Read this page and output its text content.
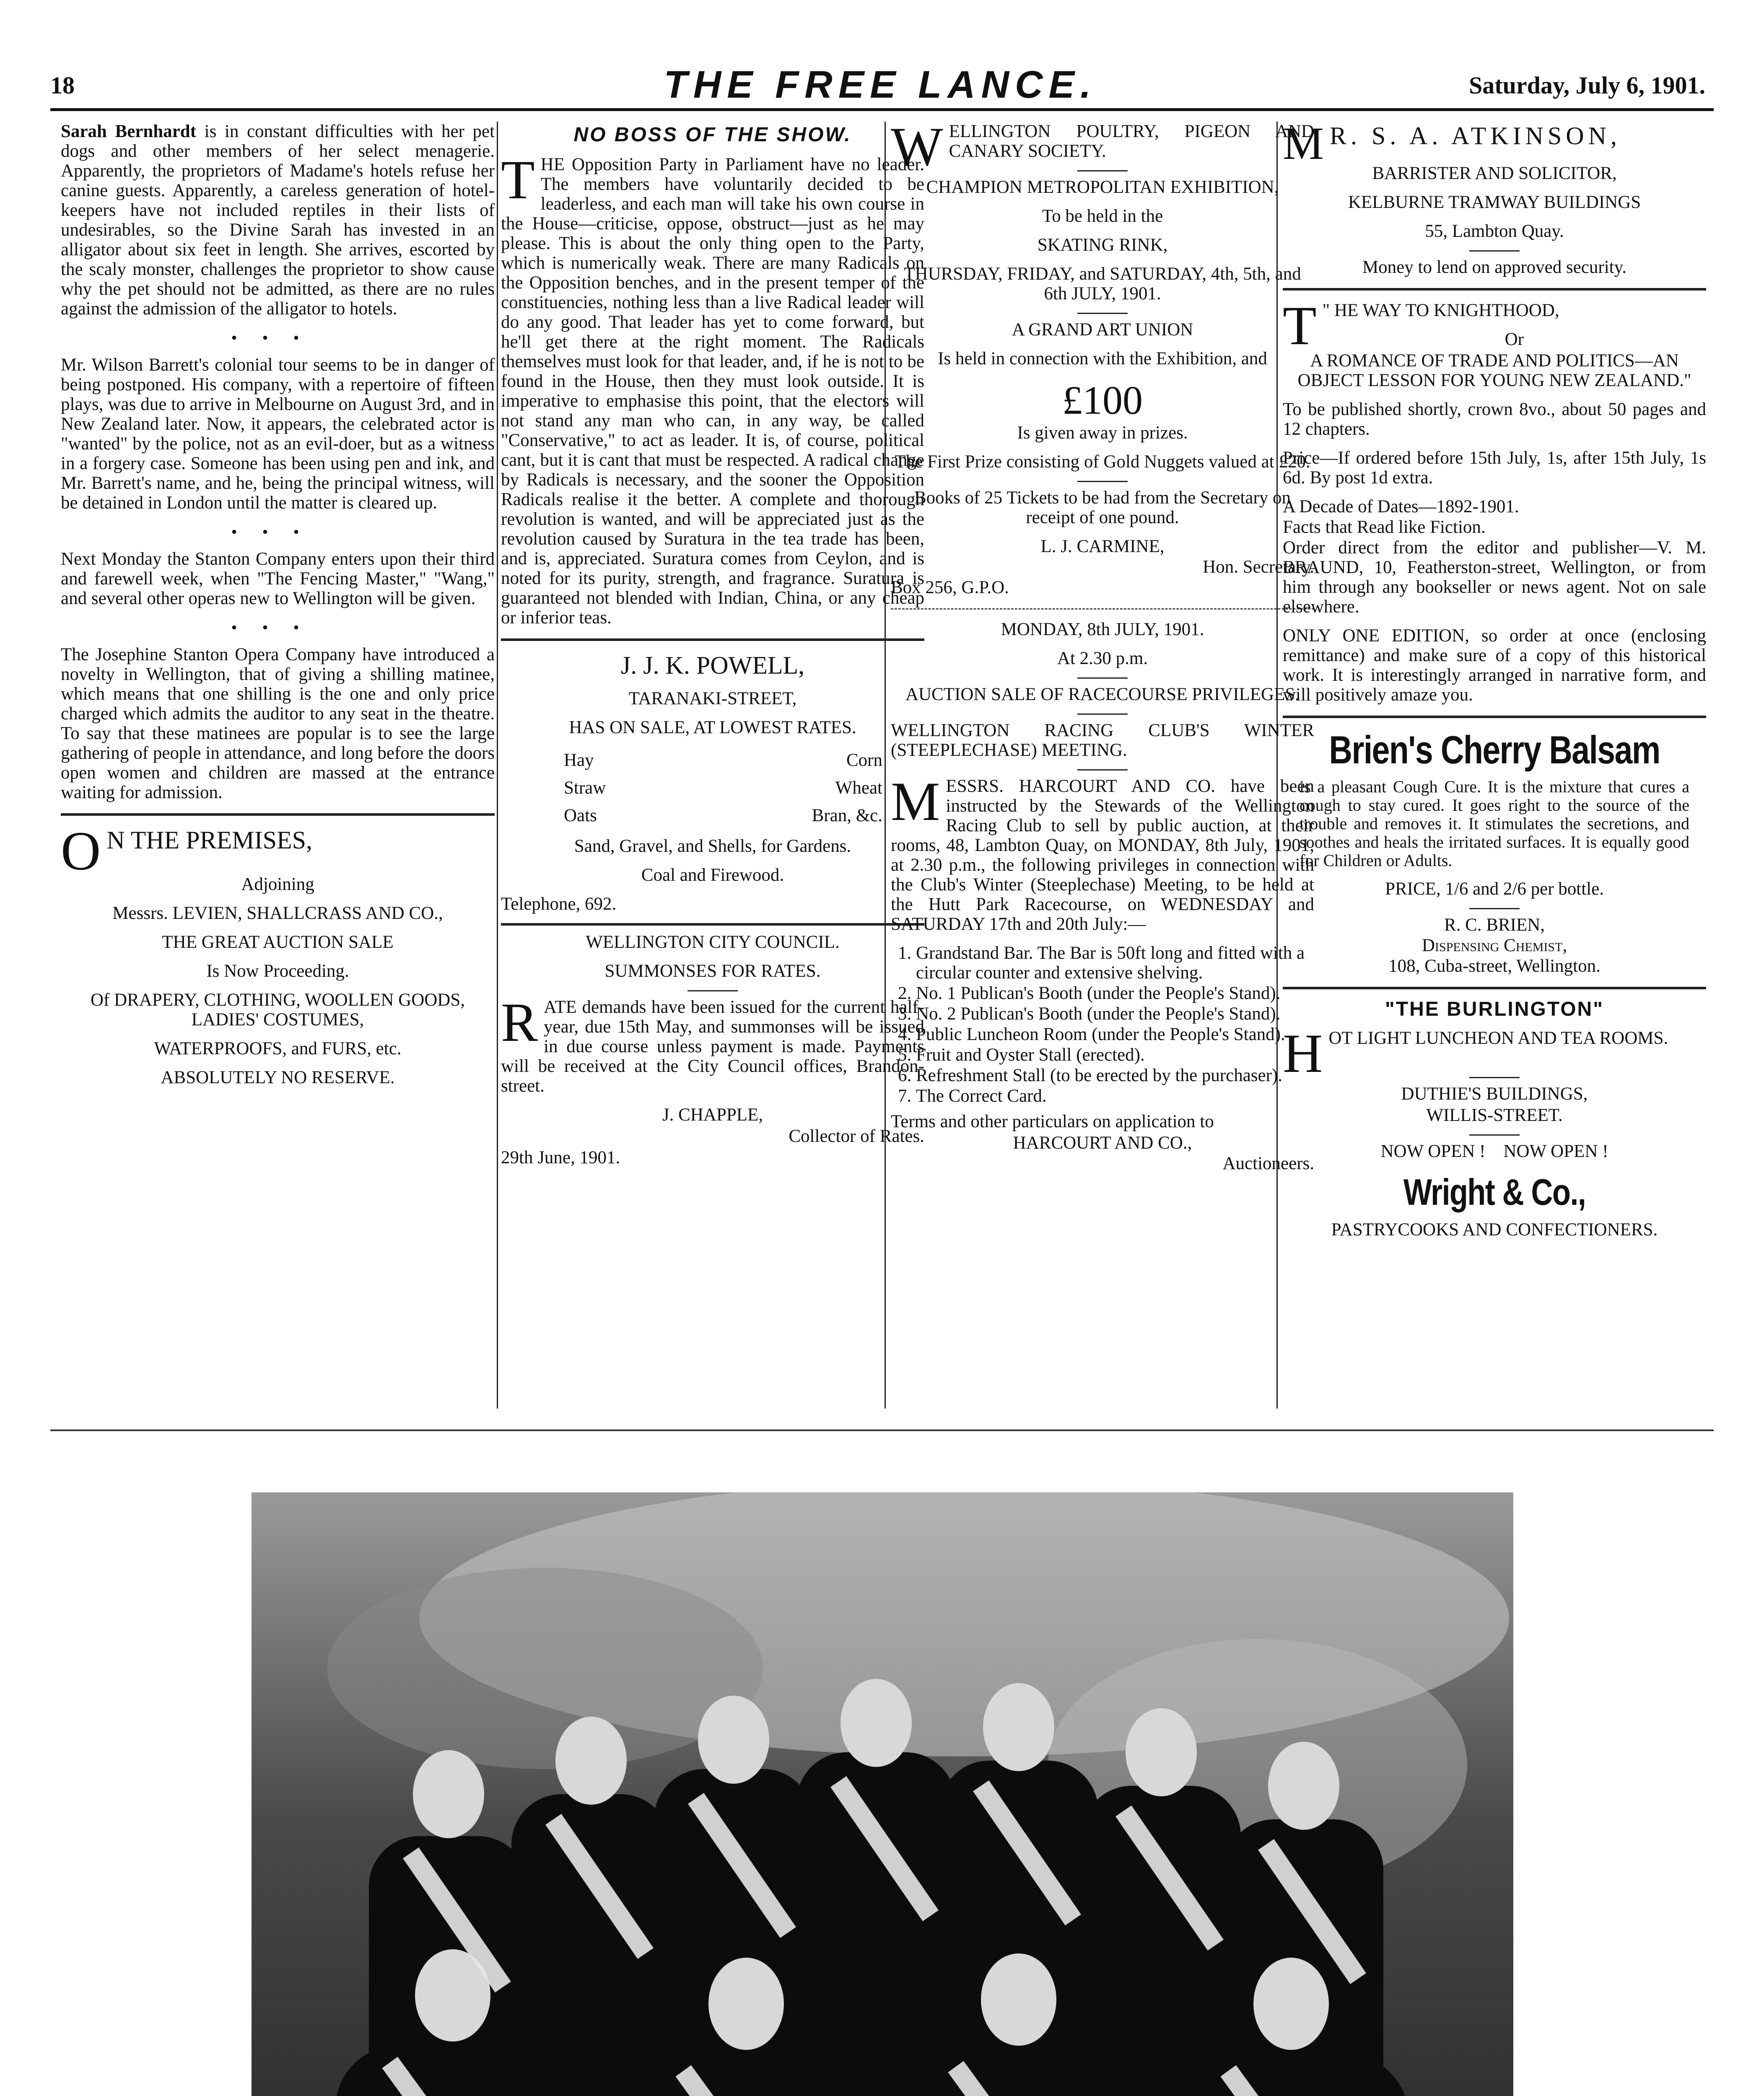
18	THE FREE LANCE.	Saturday, July 6, 1901.

Sarah Bernhardt is in constant difficulties with her pet dogs and other members of her select menagerie. Apparently, the proprietors of Madame's hotels refuse her canine guests. Apparently, a careless generation of hotel-keepers have not included reptiles in their lists of undesirables, so the Divine Sarah has invested in an alligator about six feet in length. She arrives, escorted by the scaly monster, challenges the proprietor to show cause why the pet should not be admitted, as there are no rules against the admission of the alligator to hotels.

•••

Mr. Wilson Barrett's colonial tour seems to be in danger of being postponed. His company, with a repertoire of fifteen plays, was due to arrive in Melbourne on August 3rd, and in New Zealand later. Now, it appears, the celebrated actor is "wanted" by the police, not as an evil-doer, but as a witness in a forgery case. Someone has been using pen and ink, and Mr. Barrett's name, and he, being the principal witness, will be detained in London until the matter is cleared up.

•••

Next Monday the Stanton Company enters upon their third and farewell week, when "The Fencing Master," "Wang," and several other operas new to Wellington will be given.

•••

The Josephine Stanton Opera Company have introduced a novelty in Wellington, that of giving a shilling matinee, which means that one shilling is the one and only price charged which admits the auditor to any seat in the theatre. To say that these matinees are popular is to see the large gathering of people in attendance, and long before the doors open women and children are massed at the entrance waiting for admission.

O N THE PREMISES,

Adjoining

Messrs. LEVIEN, SHALLCRASS AND CO.,

THE GREAT AUCTION SALE

Is Now Proceeding.

Of DRAPERY, CLOTHING, WOOLLEN GOODS, LADIES' COSTUMES,

WATERPROOFS, and FURS, etc.

ABSOLUTELY NO RESERVE.

NO BOSS OF THE SHOW.

THE Opposition Party in Parliament have no leader. The members have voluntarily decided to be leaderless, and each man will take his own course in the House—criticise, oppose, obstruct—just as he may please. This is about the only thing open to the Party, which is numerically weak. There are many Radicals on the Opposition benches, and in the present temper of the constituencies, nothing less than a live Radical leader will do any good. That leader has yet to come forward, but he'll get there at the right moment. The Radicals themselves must look for that leader, and, if he is not to be found in the House, then they must look outside. It is imperative to emphasise this point, that the electors will not stand any man who can, in any way, be called "Conservative," to act as leader. It is, of course, political cant, but it is cant that must be respected. A radical change by Radicals is necessary, and the sooner the Opposition Radicals realise it the better. A complete and thorough revolution is wanted, and will be appreciated just as the revolution caused by Suratura in the tea trade has been, and is, appreciated. Suratura comes from Ceylon, and is noted for its purity, strength, and fragrance. Suratura is guaranteed not blended with Indian, China, or any cheap or inferior teas.

J. J. K. POWELL,

TARANAKI-STREET,

HAS ON SALE, AT LOWEST RATES.

Hay	Corn
Straw	Wheat
Oats	Bran, &c.

Sand, Gravel, and Shells, for Gardens.

Coal and Firewood.

Telephone, 692.

WELLINGTON CITY COUNCIL.

SUMMONSES FOR RATES.

RATE demands have been issued for the current half-year, due 15th May, and summonses will be issued in due course unless payment is made. Payments will be received at the City Council offices, Brandon-street.

J. CHAPPLE,

Collector of Rates.

29th June, 1901.

WELLINGTON POULTRY, PIGEON AND CANARY SOCIETY.

CHAMPION METROPOLITAN EXHIBITION,

To be held in the

SKATING RINK,

THURSDAY, FRIDAY, and SATURDAY, 4th, 5th, and 6th JULY, 1901.

A GRAND ART UNION

Is held in connection with the Exhibition, and

£100

Is given away in prizes.

The First Prize consisting of Gold Nuggets valued at £20.

Books of 25 Tickets to be had from the Secretary on receipt of one pound.

L. J. CARMINE,

Hon. Secretary.

Box 256, G.P.O.

MONDAY, 8th JULY, 1901.

At 2.30 p.m.

AUCTION SALE OF RACECOURSE PRIVILEGES.

WELLINGTON RACING CLUB'S WINTER (STEEPLECHASE) MEETING.

MESSRS. HARCOURT AND CO. have been instructed by the Stewards of the Wellington Racing Club to sell by public auction, at their rooms, 48, Lambton Quay, on MONDAY, 8th July, 1901, at 2.30 p.m., the following privileges in connection with the Club's Winter (Steeplechase) Meeting, to be held at the Hutt Park Racecourse, on WEDNESDAY and SATURDAY 17th and 20th July:—

1. Grandstand Bar. The Bar is 50ft long and fitted with a circular counter and extensive shelving.
2. No. 1 Publican's Booth (under the People's Stand).
3. No. 2 Publican's Booth (under the People's Stand).
4. Public Luncheon Room (under the People's Stand).
5. Fruit and Oyster Stall (erected).
6. Refreshment Stall (to be erected by the purchaser).
7. The Correct Card.

Terms and other particulars on application to

HARCOURT AND CO.,

Auctioneers.

M R. S. A. ATKINSON,

BARRISTER AND SOLICITOR,

KELBURNE TRAMWAY BUILDINGS

55, Lambton Quay.

Money to lend on approved security.

T " HE WAY TO KNIGHTHOOD,

Or

A ROMANCE OF TRADE AND POLITICS—AN OBJECT LESSON FOR YOUNG NEW ZEALAND."

To be published shortly, crown 8vo., about 50 pages and 12 chapters.

Price—If ordered before 15th July, 1s, after 15th July, 1s 6d. By post 1d extra.

A Decade of Dates—1892-1901.

Facts that Read like Fiction.

Order direct from the editor and publisher—V. M. BRAUND, 10, Featherston-street, Wellington, or from him through any bookseller or news agent. Not on sale elsewhere.

ONLY ONE EDITION, so order at once (enclosing remittance) and make sure of a copy of this historical work. It is interestingly arranged in narrative form, and will positively amaze you.

Brien's Cherry Balsam

is a pleasant Cough Cure. It is the mixture that cures a cough to stay cured. It goes right to the source of the trouble and removes it. It stimulates the secretions, and soothes and heals the irritated surfaces. It is equally good for Children or Adults.

PRICE, 1/6 and 2/6 per bottle.

R. C. BRIEN,

Dispensing Chemist,

108, Cuba-street, Wellington.

"THE BURLINGTON"

HOT LIGHT LUNCHEON AND TEA ROOMS.

DUTHIE'S BUILDINGS,

WILLIS-STREET.

NOW OPEN !    NOW OPEN !

Wright & Co.,

PASTRYCOOKS AND CONFECTIONERS.
